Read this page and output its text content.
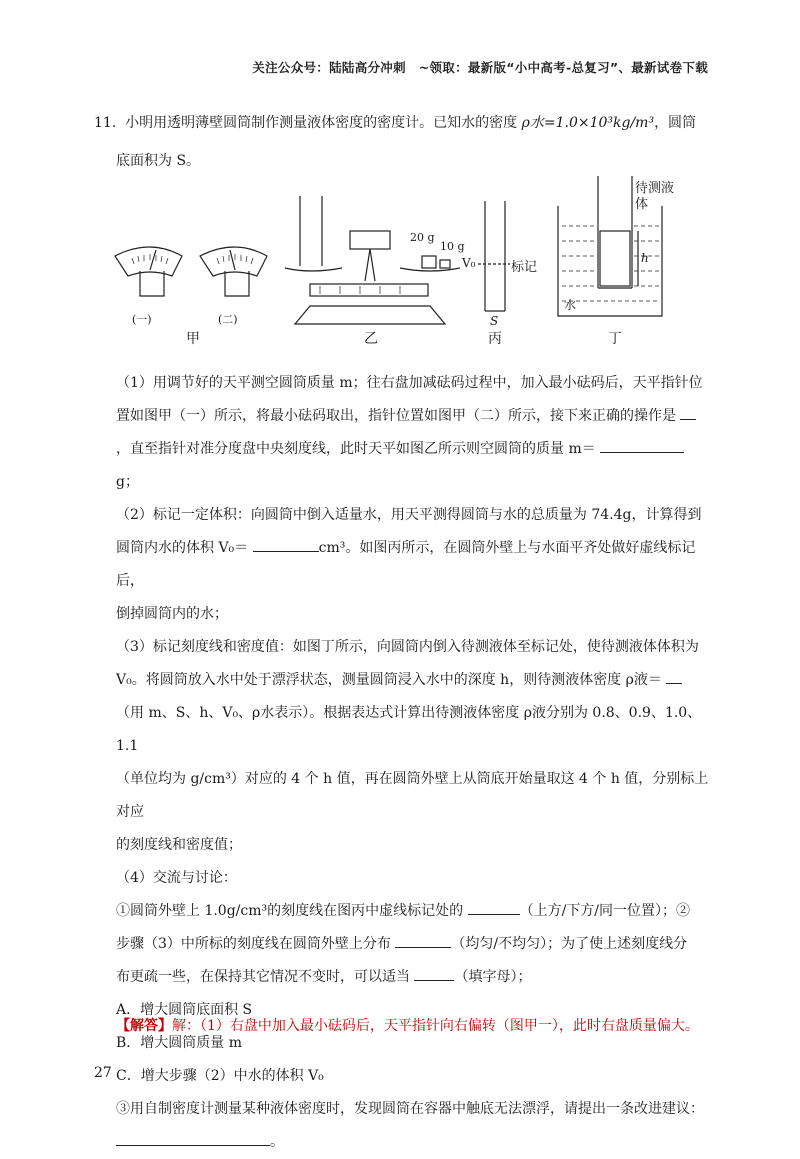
关注公众号：陆陆高分冲刺　~领取：最新版“小中高考-总复习”、最新试卷下载
11. 小明用透明薄壁圆筒制作测量液体密度的密度计。已知水的密度 ρ水=1.0×10³kg/m³，圆筒
底面积为 S。
(一)	(二)
20 g
10 g
V₀	标记
S
h
待测液体
水
甲	乙	丙	丁

（1）用调节好的天平测空圆筒质量 m；往右盘加减砝码过程中，加入最小砝码后，天平指针位

置如图甲（一）所示，将最小砝码取出，指针位置如图甲（二）所示，接下来正确的操作是

，直至指针对准分度盘中央刻度线，此时天平如图乙所示则空圆筒的质量 m＝

g；

（2）标记一定体积：向圆筒中倒入适量水，用天平测得圆筒与水的总质量为 74.4g，计算得到

圆筒内水的体积 V₀＝	cm³。如图丙所示，在圆筒外壁上与水面平齐处做好虚线标记后，

倒掉圆筒内的水；

（3）标记刻度线和密度值：如图丁所示，向圆筒内倒入待测液体至标记处，使待测液体体积为

V₀。将圆筒放入水中处于漂浮状态，测量圆筒浸入水中的深度 h，则待测液体密度 ρ液＝

（用 m、S、h、V₀、ρ水表示）。根据表达式计算出待测液体密度 ρ液分别为 0.8、0.9、1.0、1.1

（单位均为 g/cm³）对应的 4 个 h 值，再在圆筒外壁上从筒底开始量取这 4 个 h 值，分别标上对应

的刻度线和密度值；

（4）交流与讨论：

①圆筒外壁上 1.0g/cm³的刻度线在图丙中虚线标记处的	（上方/下方/同一位置）；②

步骤（3）中所标的刻度线在圆筒外壁上分布	（均匀/不均匀）；为了使上述刻度线分

布更疏一些，在保持其它情况不变时，可以适当	（填字母）；

A．增大圆筒底面积 S

B．增大圆筒质量 m

C．增大步骤（2）中水的体积 V₀

③用自制密度计测量某种液体密度时，发现圆筒在容器中触底无法漂浮，请提出一条改进建议：

。

【解答】解：（1）右盘中加入最小砝码后，天平指针向右偏转（图甲一），此时右盘质量偏大。
27
